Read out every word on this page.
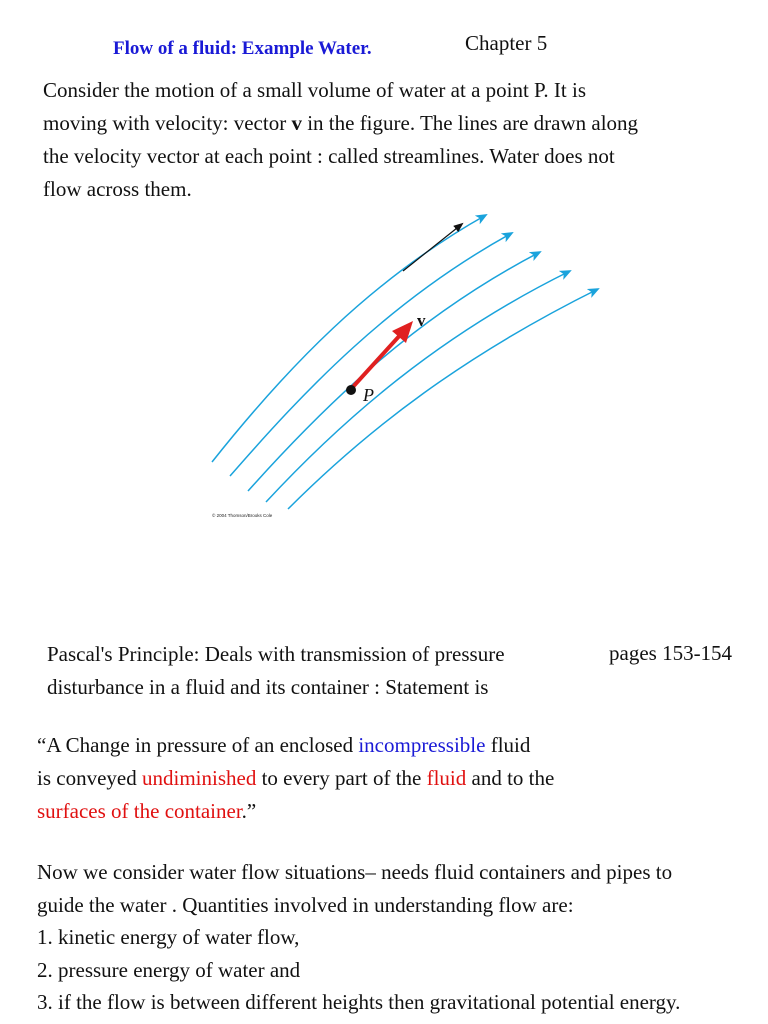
Flow of a fluid: Example Water.	Chapter 5
Consider the motion of a small volume of water at a point P. It is
moving with velocity: vector v in the figure. The lines are drawn along
the velocity vector at each point : called streamlines. Water does not
flow across them.
v
P
© 2004 Thomson/Brooks Cole
Pascal's Principle: Deals with transmission of pressure
disturbance in a fluid and its container : Statement is
pages 153-154
“A Change in pressure of an enclosed incompressible fluid
is conveyed undiminished to every part of the fluid and to the
surfaces of the container.”
Now we consider water flow situations– needs fluid containers and pipes to
guide the water . Quantities involved in understanding flow are:
1. kinetic energy of water flow,
2. pressure energy of water and
3. if the flow is between different heights then gravitational potential energy.
